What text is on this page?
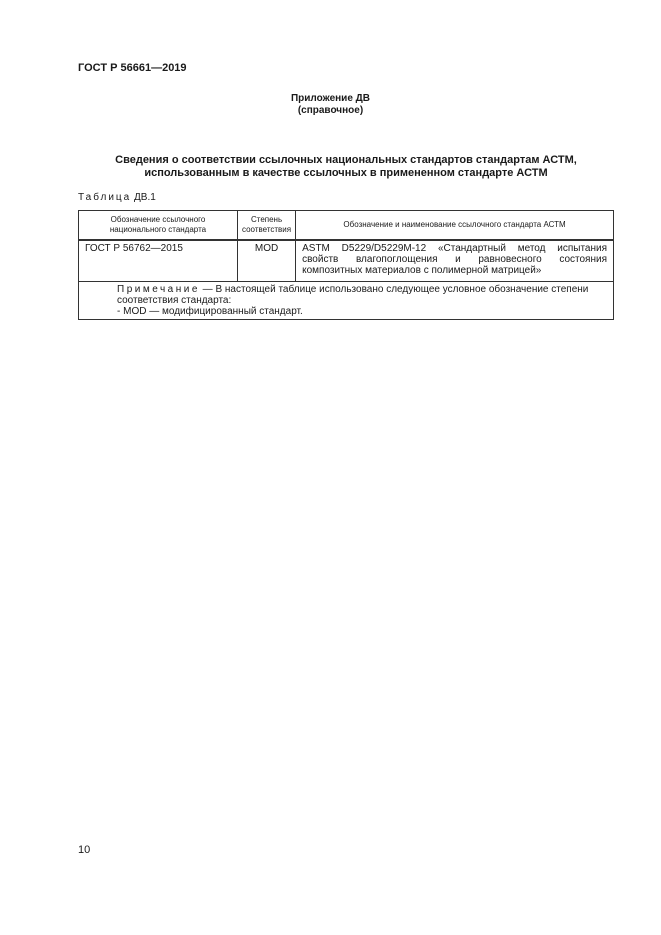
ГОСТ Р 56661—2019
Приложение ДВ
(справочное)
Сведения о соответствии ссылочных национальных стандартов стандартам АСТМ,
использованным в качестве ссылочных в примененном стандарте АСТМ
Таблица ДВ.1
Обозначение ссылочного национального стандарта	Степень соответствия	Обозначение и наименование ссылочного стандарта АСТМ
ГОСТ Р 56762—2015	MOD	ASTM D5229/D5229M-12 «Стандартный метод испытания свойств влагопоглощения и равновесного состояния композитных материалов с полимерной матрицей»

Примечание — В настоящей таблице использовано следующее условное обозначение степени соответствия стандарта:
- MOD — модифицированный стандарт.		
10
